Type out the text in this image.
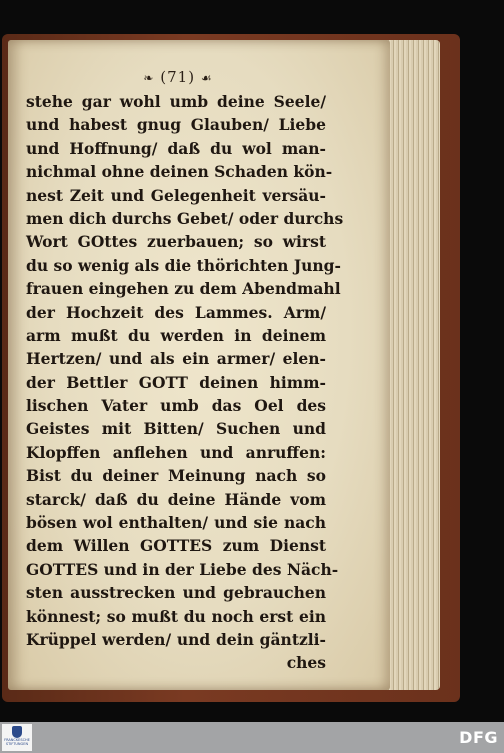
❧ (71) ☙
stehe gar wohl umb deine Seele/
und habest gnug Glauben/ Liebe
und Hoffnung/ daß du wol man-
nichmal ohne deinen Schaden kön-
nest Zeit und Gelegenheit versäu-
men dich durchs Gebet/ oder durchs
Wort GOttes zuerbauen; so wirst
du so wenig als die thörichten Jung-
frauen eingehen zu dem Abendmahl
der Hochzeit des Lammes. Arm/
arm mußt du werden in deinem
Hertzen/ und als ein armer/ elen-
der Bettler GOTT deinen himm-
lischen Vater umb das Oel des
Geistes mit Bitten/ Suchen und
Klopffen anflehen und anruffen:
Bist du deiner Meinung nach so
starck/ daß du deine Hände vom
bösen wol enthalten/ und sie nach
dem Willen GOTTES zum Dienst
GOTTES und in der Liebe des Näch-
sten ausstrecken und gebrauchen
könnest; so mußt du noch erst ein
Krüppel werden/ und dein gäntzli-
ches
FRANCKESCHE STIFTUNGEN	DFG
